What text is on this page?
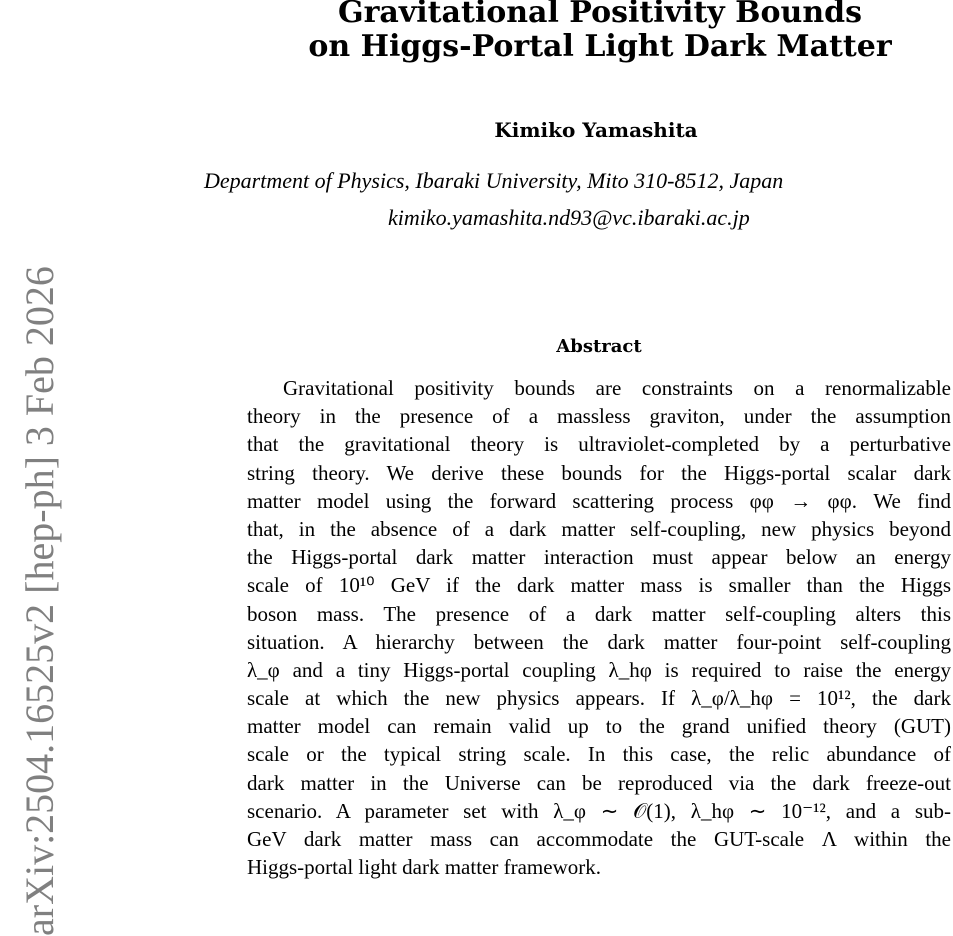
Gravitational Positivity Bounds
on Higgs-Portal Light Dark Matter
Kimiko Yamashita
Department of Physics, Ibaraki University, Mito 310-8512, Japan
kimiko.yamashita.nd93@vc.ibaraki.ac.jp
Abstract
Gravitational positivity bounds are constraints on a renormalizable
theory in the presence of a massless graviton, under the assumption
that the gravitational theory is ultraviolet-completed by a perturbative
string theory. We derive these bounds for the Higgs-portal scalar dark
matter model using the forward scattering process φφ → φφ. We find
that, in the absence of a dark matter self-coupling, new physics beyond
the Higgs-portal dark matter interaction must appear below an energy
scale of 10¹⁰ GeV if the dark matter mass is smaller than the Higgs
boson mass. The presence of a dark matter self-coupling alters this
situation. A hierarchy between the dark matter four-point self-coupling
λ_φ and a tiny Higgs-portal coupling λ_hφ is required to raise the energy
scale at which the new physics appears. If λ_φ/λ_hφ = 10¹², the dark
matter model can remain valid up to the grand unified theory (GUT)
scale or the typical string scale. In this case, the relic abundance of
dark matter in the Universe can be reproduced via the dark freeze-out
scenario. A parameter set with λ_φ ∼ 𝒪(1), λ_hφ ∼ 10⁻¹², and a sub-
GeV dark matter mass can accommodate the GUT-scale Λ within the
Higgs-portal light dark matter framework.
arXiv:2504.16525v2 [hep-ph] 3 Feb 2026
